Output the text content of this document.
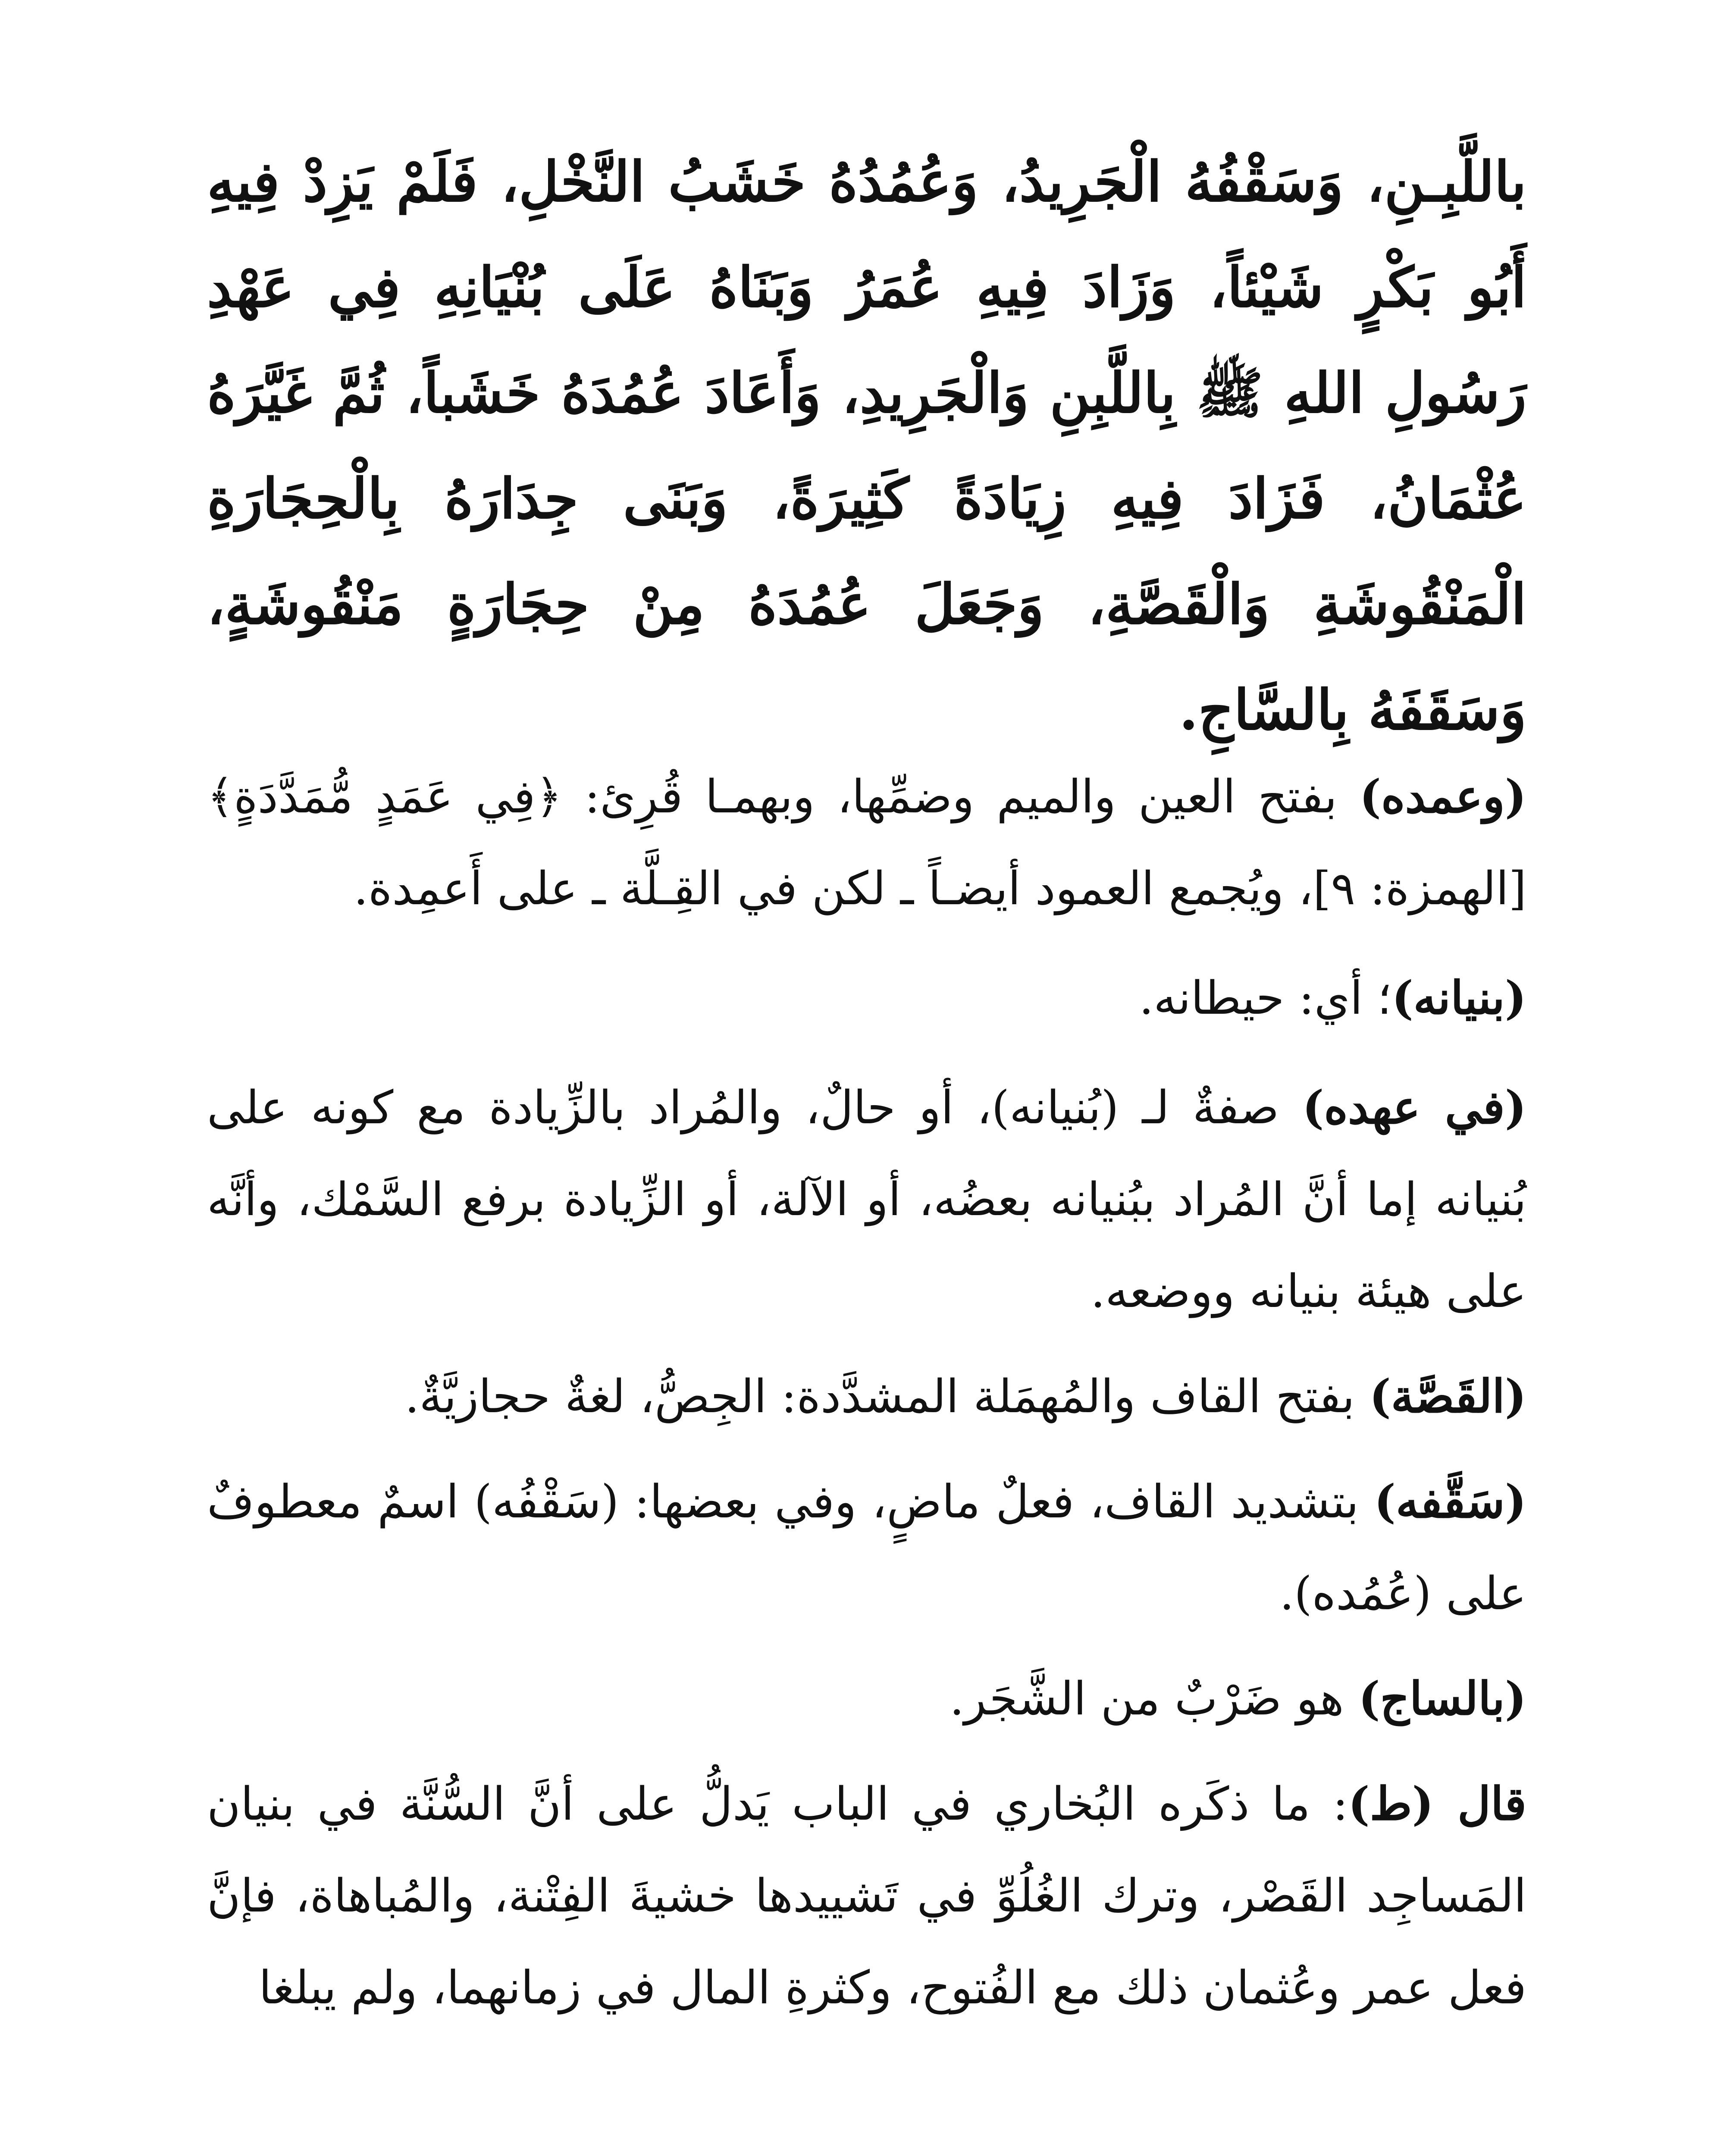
باللَّبِـنِ، وَسَقْفُهُ الْجَرِيدُ، وَعُمُدُهُ خَشَبُ النَّخْلِ، فَلَمْ يَزِدْ فِيهِ أَبُو بَكْرٍ شَيْئاً، وَزَادَ فِيهِ عُمَرُ وَبَنَاهُ عَلَى بُنْيَانِهِ فِي عَهْدِ رَسُولِ اللهِ ﷺ بِاللَّبِنِ وَالْجَرِيدِ، وَأَعَادَ عُمُدَهُ خَشَباً، ثُمَّ غَيَّرَهُ عُثْمَانُ، فَزَادَ فِيهِ زِيَادَةً كَثِيرَةً، وَبَنَى جِدَارَهُ بِالْحِجَارَةِ الْمَنْقُوشَةِ وَالْقَصَّةِ، وَجَعَلَ عُمُدَهُ مِنْ حِجَارَةٍ مَنْقُوشَةٍ، وَسَقَفَهُ بِالسَّاجِ.

(وعمده) بفتح العين والميم وضمِّها، وبهمـا قُرِئ: ﴿فِي عَمَدٍ مُّمَدَّدَةٍ﴾[الهمزة: ٩]، ويُجمع العمود أيضـاً ـ لكن في القِـلَّة ـ على أَعمِدة.

(بنيانه)؛ أي: حيطانه.

(في عهده) صفةٌ لـ (بُنيانه)، أو حالٌ، والمُراد بالزِّيادة مع كونه على بُنيانه إما أنَّ المُراد ببُنيانه بعضُه، أو الآلة، أو الزِّيادة برفع السَّمْك، وأنَّه على هيئة بنيانه ووضعه.

(القَصَّة) بفتح القاف والمُهمَلة المشدَّدة: الجِصُّ، لغةٌ حجازيَّةٌ.

(سَقَّفه) بتشديد القاف، فعلٌ ماضٍ، وفي بعضها: (سَقْفُه) اسمٌ معطوفٌ على (عُمُده).

(بالساج) هو ضَرْبٌ من الشَّجَر.

قال (ط): ما ذكَره البُخاري في الباب يَدلُّ على أنَّ السُّنَّة في بنيان المَساجِد القَصْر، وترك الغُلُوِّ في تَشييدها خشيةَ الفِتْنة، والمُباهاة، فإنَّ فعل عمر وعُثمان ذلك مع الفُتوح، وكثرةِ المال في زمانهما، ولم يبلغا
